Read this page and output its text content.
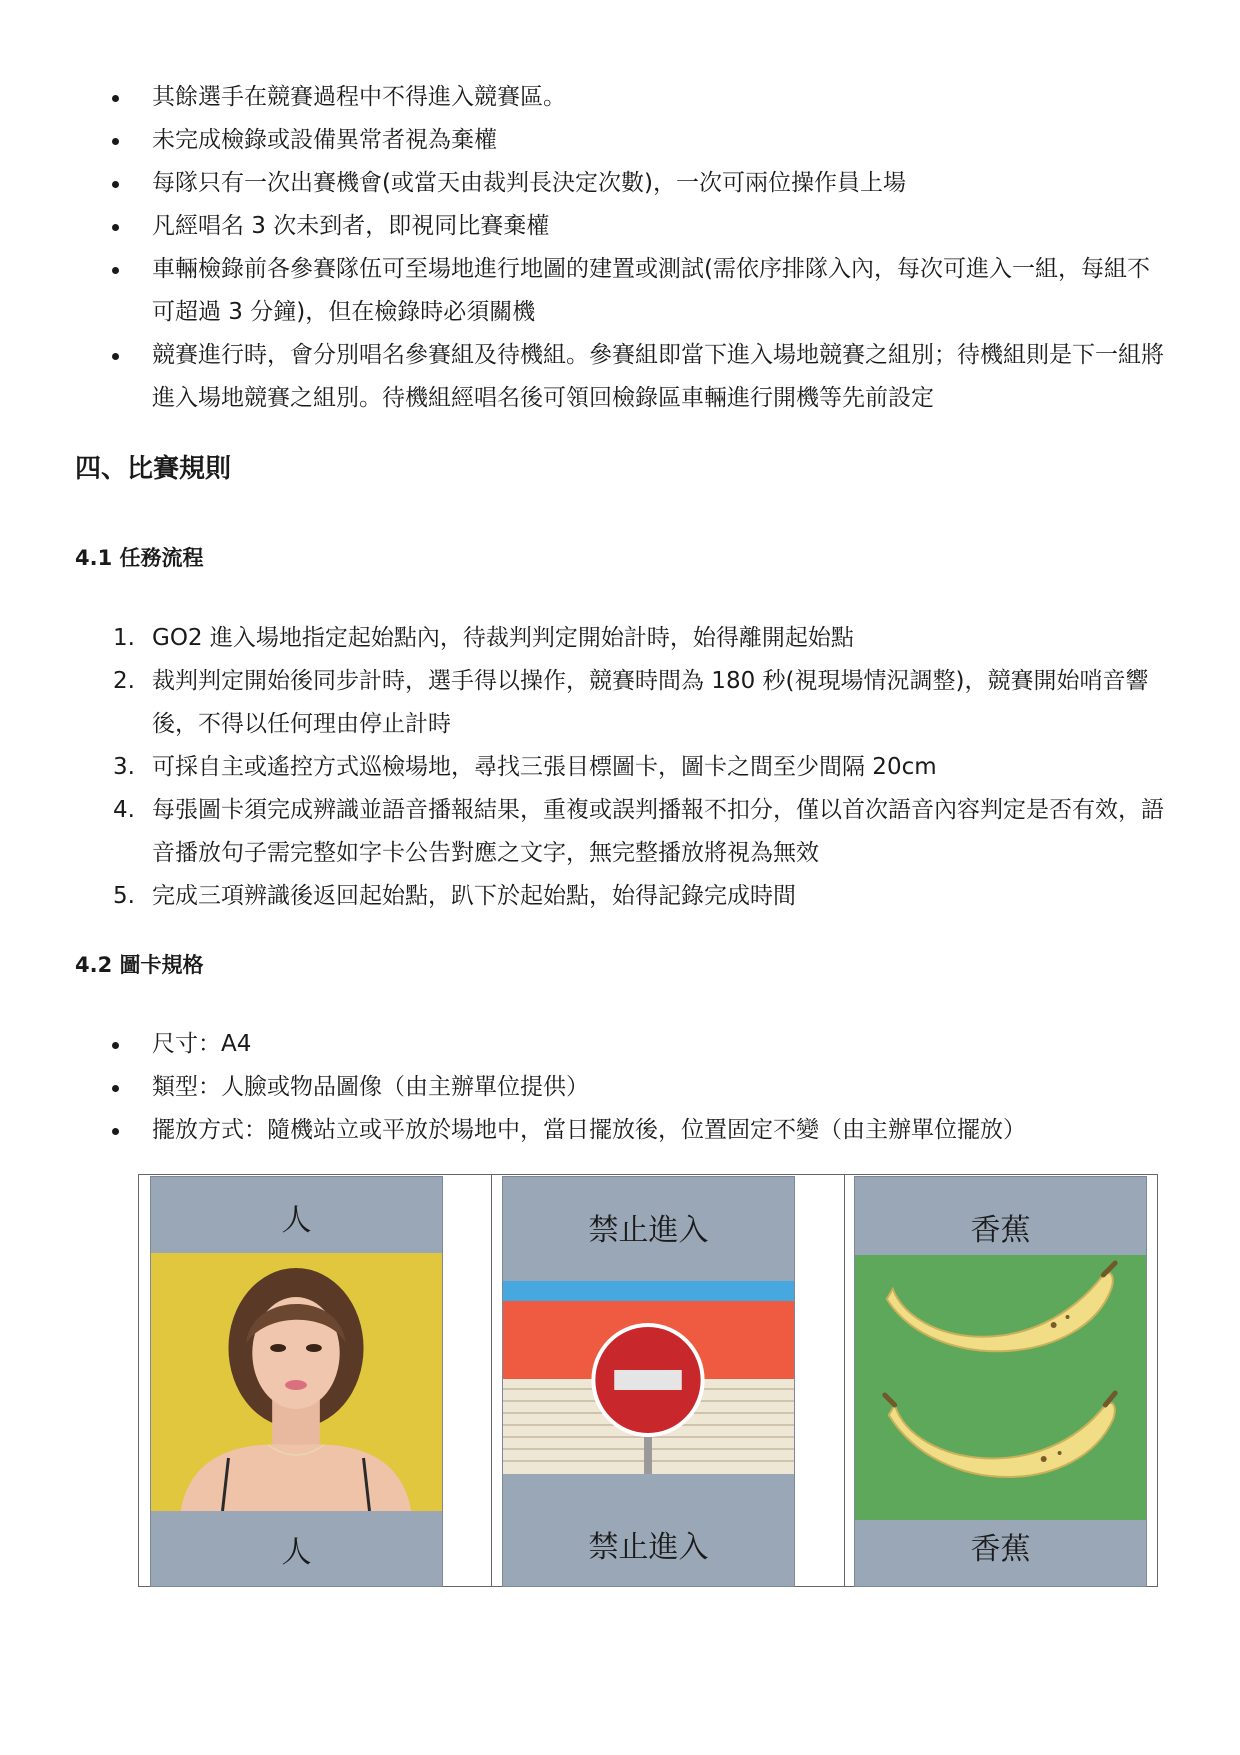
其餘選手在競賽過程中不得進入競賽區。
未完成檢錄或設備異常者視為棄權
每隊只有一次出賽機會(或當天由裁判長決定次數)，一次可兩位操作員上場
凡經唱名 3 次未到者，即視同比賽棄權
車輛檢錄前各參賽隊伍可至場地進行地圖的建置或測試(需依序排隊入內，每次可進入一組，每組不可超過 3 分鐘)，但在檢錄時必須關機
競賽進行時，會分別唱名參賽組及待機組。參賽組即當下進入場地競賽之組別；待機組則是下一組將進入場地競賽之組別。待機組經唱名後可領回檢錄區車輛進行開機等先前設定
四、比賽規則
4.1 任務流程
1. GO2 進入場地指定起始點內，待裁判判定開始計時，始得離開起始點
2. 裁判判定開始後同步計時，選手得以操作，競賽時間為 180 秒(視現場情況調整)，競賽開始哨音響後，不得以任何理由停止計時
3. 可採自主或遙控方式巡檢場地，尋找三張目標圖卡，圖卡之間至少間隔 20cm
4. 每張圖卡須完成辨識並語音播報結果，重複或誤判播報不扣分，僅以首次語音內容判定是否有效，語音播放句子需完整如字卡公告對應之文字，無完整播放將視為無效
5. 完成三項辨識後返回起始點，趴下於起始點，始得記錄完成時間
4.2 圖卡規格
尺寸：A4
類型：人臉或物品圖像（由主辦單位提供）
擺放方式：隨機站立或平放於場地中，當日擺放後，位置固定不變（由主辦單位擺放）
人
人
禁止進入
禁止進入
香蕉
香蕉
